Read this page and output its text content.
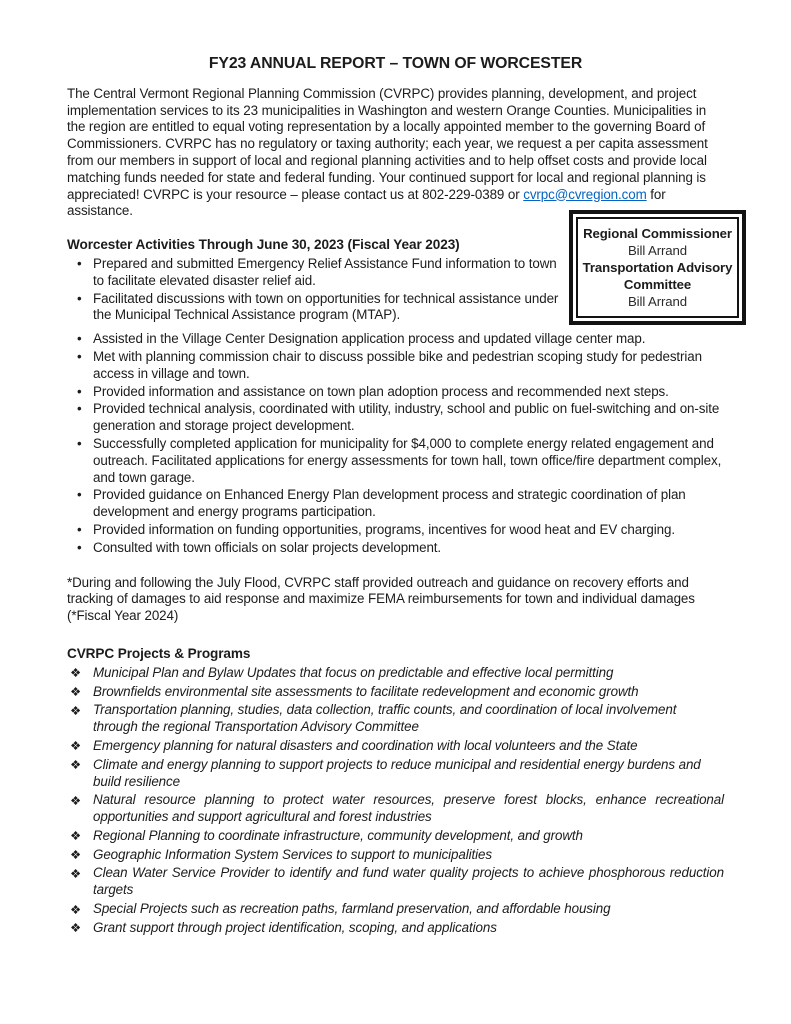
FY23 ANNUAL REPORT – TOWN OF WORCESTER

The Central Vermont Regional Planning Commission (CVRPC) provides planning, development, and project implementation services to its 23 municipalities in Washington and western Orange Counties. Municipalities in the region are entitled to equal voting representation by a locally appointed member to the governing Board of Commissioners. CVRPC has no regulatory or taxing authority; each year, we request a per capita assessment from our members in support of local and regional planning activities and to help offset costs and provide local matching funds needed for state and federal funding. Your continued support for local and regional planning is appreciated! CVRPC is your resource – please contact us at 802-229-0389 or cvrpc@cvregion.com for assistance.

Regional Commissioner
Bill Arrand
Transportation Advisory Committee
Bill Arrand
Worcester Activities Through June 30, 2023 (Fiscal Year 2023)
• Prepared and submitted Emergency Relief Assistance Fund information to town to facilitate elevated disaster relief aid.
• Facilitated discussions with town on opportunities for technical assistance under the Municipal Technical Assistance program (MTAP).
• Assisted in the Village Center Designation application process and updated village center map.
• Met with planning commission chair to discuss possible bike and pedestrian scoping study for pedestrian access in village and town.
• Provided information and assistance on town plan adoption process and recommended next steps.
• Provided technical analysis, coordinated with utility, industry, school and public on fuel-switching and on-site generation and storage project development.
• Successfully completed application for municipality for $4,000 to complete energy related engagement and outreach. Facilitated applications for energy assessments for town hall, town office/fire department complex, and town garage.
• Provided guidance on Enhanced Energy Plan development process and strategic coordination of plan development and energy programs participation.
• Provided information on funding opportunities, programs, incentives for wood heat and EV charging.
• Consulted with town officials on solar projects development.

*During and following the July Flood, CVRPC staff provided outreach and guidance on recovery efforts and tracking of damages to aid response and maximize FEMA reimbursements for town and individual damages (*Fiscal Year 2024)

CVRPC Projects & Programs
❖ Municipal Plan and Bylaw Updates that focus on predictable and effective local permitting
❖ Brownfields environmental site assessments to facilitate redevelopment and economic growth
❖ Transportation planning, studies, data collection, traffic counts, and coordination of local involvement through the regional Transportation Advisory Committee
❖ Emergency planning for natural disasters and coordination with local volunteers and the State
❖ Climate and energy planning to support projects to reduce municipal and residential energy burdens and build resilience
❖ Natural resource planning to protect water resources, preserve forest blocks, enhance recreational opportunities and support agricultural and forest industries
❖ Regional Planning to coordinate infrastructure, community development, and growth
❖ Geographic Information System Services to support to municipalities
❖ Clean Water Service Provider to identify and fund water quality projects to achieve phosphorous reduction targets
❖ Special Projects such as recreation paths, farmland preservation, and affordable housing
❖ Grant support through project identification, scoping, and applications
